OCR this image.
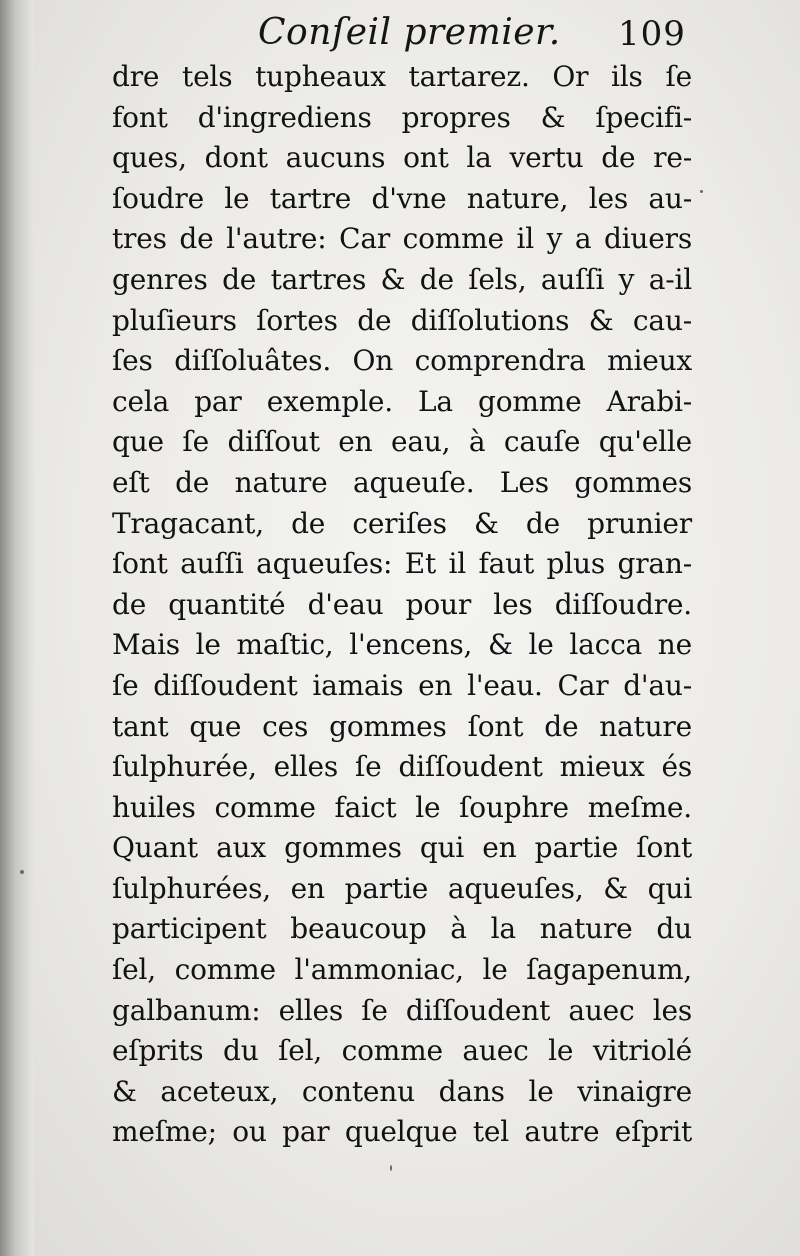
Conſeil premier. 109
dre tels tupheaux tartarez. Or ils ſe
font d'ingrediens propres & ſpecifi-
ques, dont aucuns ont la vertu de re-
ſoudre le tartre d'vne nature, les au-
tres de l'autre: Car comme il y a diuers
genres de tartres & de ſels, auſſi y a-il
pluſieurs ſortes de diſſolutions & cau-
ſes diſſoluâtes. On comprendra mieux
cela par exemple. La gomme Arabi-
que ſe diſſout en eau, à cauſe qu'elle
eſt de nature aqueuſe. Les gommes
Tragacant, de ceriſes & de prunier
ſont auſſi aqueuſes: Et il faut plus gran-
de quantité d'eau pour les diſſoudre.
Mais le maſtic, l'encens, & le lacca ne
ſe diſſoudent iamais en l'eau. Car d'au-
tant que ces gommes ſont de nature
ſulphurée, elles ſe diſſoudent mieux és
huiles comme faict le ſouphre meſme.
Quant aux gommes qui en partie ſont
ſulphurées, en partie aqueuſes, & qui
participent beaucoup à la nature du
ſel, comme l'ammoniac, le ſagapenum,
galbanum: elles ſe diſſoudent auec les
eſprits du ſel, comme auec le vitriolé
& aceteux, contenu dans le vinaigre
meſme; ou par quelque tel autre eſprit
